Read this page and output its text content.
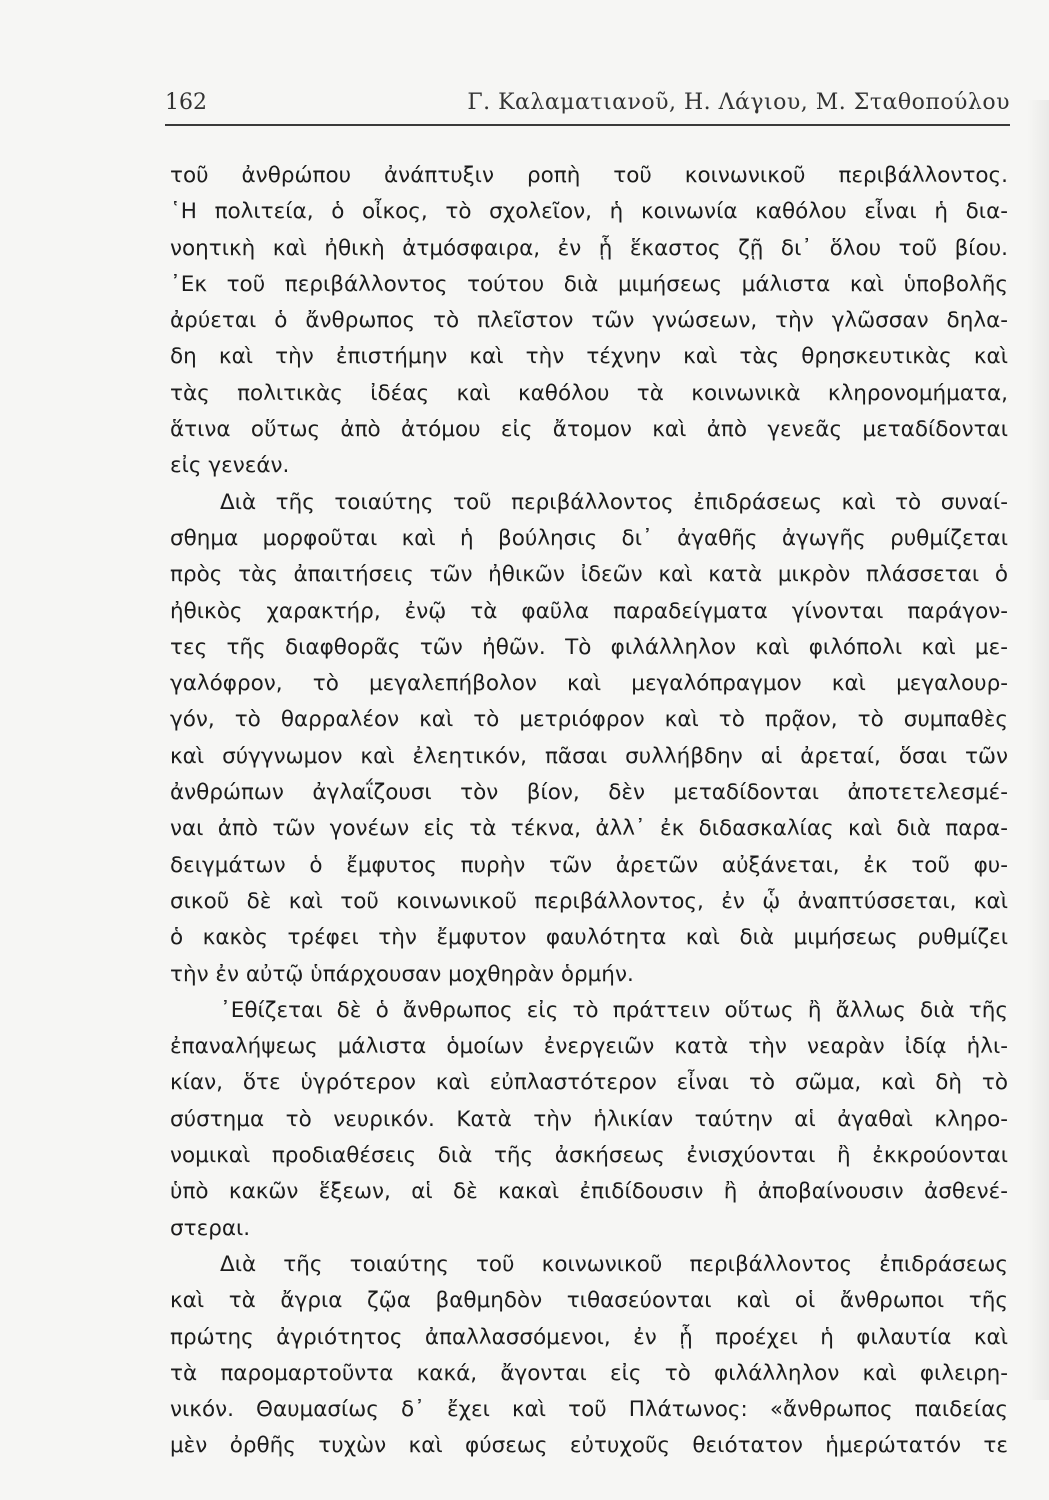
162	Γ. Καλαματιανοῦ, Η. Λάγιου, Μ. Σταθοπούλου
τοῦ ἀνθρώπου ἀνάπτυξιν ροπὴ τοῦ κοινωνικοῦ περιβάλλοντος.
῾Η πολιτεία, ὁ οἶκος, τὸ σχολεῖον, ἡ κοινωνία καθόλου εἶναι ἡ δια-
νοητικὴ καὶ ἠθικὴ ἀτμόσφαιρα, ἐν ᾗ ἕκαστος ζῇ δι᾽ ὅλου τοῦ βίου.
᾿Εκ τοῦ περιβάλλοντος τούτου διὰ μιμήσεως μάλιστα καὶ ὑποβολῆς
ἀρύεται ὁ ἄνθρωπος τὸ πλεῖστον τῶν γνώσεων, τὴν γλῶσσαν δηλα-
δη καὶ τὴν ἐπιστήμην καὶ τὴν τέχνην καὶ τὰς θρησκευτικὰς καὶ
τὰς πολιτικὰς ἰδέας καὶ καθόλου τὰ κοινωνικὰ κληρονομήματα,
ἅτινα οὕτως ἀπὸ ἀτόμου εἰς ἄτομον καὶ ἀπὸ γενεᾶς μεταδίδονται
εἰς γενεάν.
Διὰ τῆς τοιαύτης τοῦ περιβάλλοντος ἐπιδράσεως καὶ τὸ συναί-
σθημα μορφοῦται καὶ ἡ βούλησις δι᾽ ἀγαθῆς ἀγωγῆς ρυθμίζεται
πρὸς τὰς ἀπαιτήσεις τῶν ἠθικῶν ἰδεῶν καὶ κατὰ μικρὸν πλάσσεται ὁ
ἠθικὸς χαρακτήρ, ἐνῷ τὰ φαῦλα παραδείγματα γίνονται παράγον-
τες τῆς διαφθορᾶς τῶν ἠθῶν. Τὸ φιλάλληλον καὶ φιλόπολι καὶ με-
γαλόφρον, τὸ μεγαλεπήβολον καὶ μεγαλόπραγμον καὶ μεγαλουρ-
γόν, τὸ θαρραλέον καὶ τὸ μετριόφρον καὶ τὸ πρᾷον, τὸ συμπαθὲς
καὶ σύγγνωμον καὶ ἐλεητικόν, πᾶσαι συλλήβδην αἱ ἀρεταί, ὅσαι τῶν
ἀνθρώπων ἀγλαΐζουσι τὸν βίον, δὲν μεταδίδονται ἀποτετελεσμέ-
ναι ἀπὸ τῶν γονέων εἰς τὰ τέκνα, ἀλλ᾽ ἐκ διδασκαλίας καὶ διὰ παρα-
δειγμάτων ὁ ἔμφυτος πυρὴν τῶν ἀρετῶν αὐξάνεται, ἐκ τοῦ φυ-
σικοῦ δὲ καὶ τοῦ κοινωνικοῦ περιβάλλοντος, ἐν ᾧ ἀναπτύσσεται, καὶ
ὁ κακὸς τρέφει τὴν ἔμφυτον φαυλότητα καὶ διὰ μιμήσεως ρυθμίζει
τὴν ἐν αὐτῷ ὑπάρχουσαν μοχθηρὰν ὁρμήν.
᾿Εθίζεται δὲ ὁ ἄνθρωπος εἰς τὸ πράττειν οὕτως ἢ ἄλλως διὰ τῆς
ἐπαναλήψεως μάλιστα ὁμοίων ἐνεργειῶν κατὰ τὴν νεαρὰν ἰδίᾳ ἡλι-
κίαν, ὅτε ὑγρότερον καὶ εὐπλαστότερον εἶναι τὸ σῶμα, καὶ δὴ τὸ
σύστημα τὸ νευρικόν. Κατὰ τὴν ἡλικίαν ταύτην αἱ ἀγαθαὶ κληρο-
νομικαὶ προδιαθέσεις διὰ τῆς ἀσκήσεως ἐνισχύονται ἢ ἐκκρούονται
ὑπὸ κακῶν ἕξεων, αἱ δὲ κακαὶ ἐπιδίδουσιν ἢ ἀποβαίνουσιν ἀσθενέ-
στεραι.
Διὰ τῆς τοιαύτης τοῦ κοινωνικοῦ περιβάλλοντος ἐπιδράσεως
καὶ τὰ ἄγρια ζῷα βαθμηδὸν τιθασεύονται καὶ οἱ ἄνθρωποι τῆς
πρώτης ἀγριότητος ἀπαλλασσόμενοι, ἐν ᾗ προέχει ἡ φιλαυτία καὶ
τὰ παρομαρτοῦντα κακά, ἄγονται εἰς τὸ φιλάλληλον καὶ φιλειρη-
νικόν. Θαυμασίως δ᾽ ἔχει καὶ τοῦ Πλάτωνος: «ἄνθρωπος παιδείας
μὲν ὀρθῆς τυχὼν καὶ φύσεως εὐτυχοῦς θειότατον ἡμερώτατόν τε
